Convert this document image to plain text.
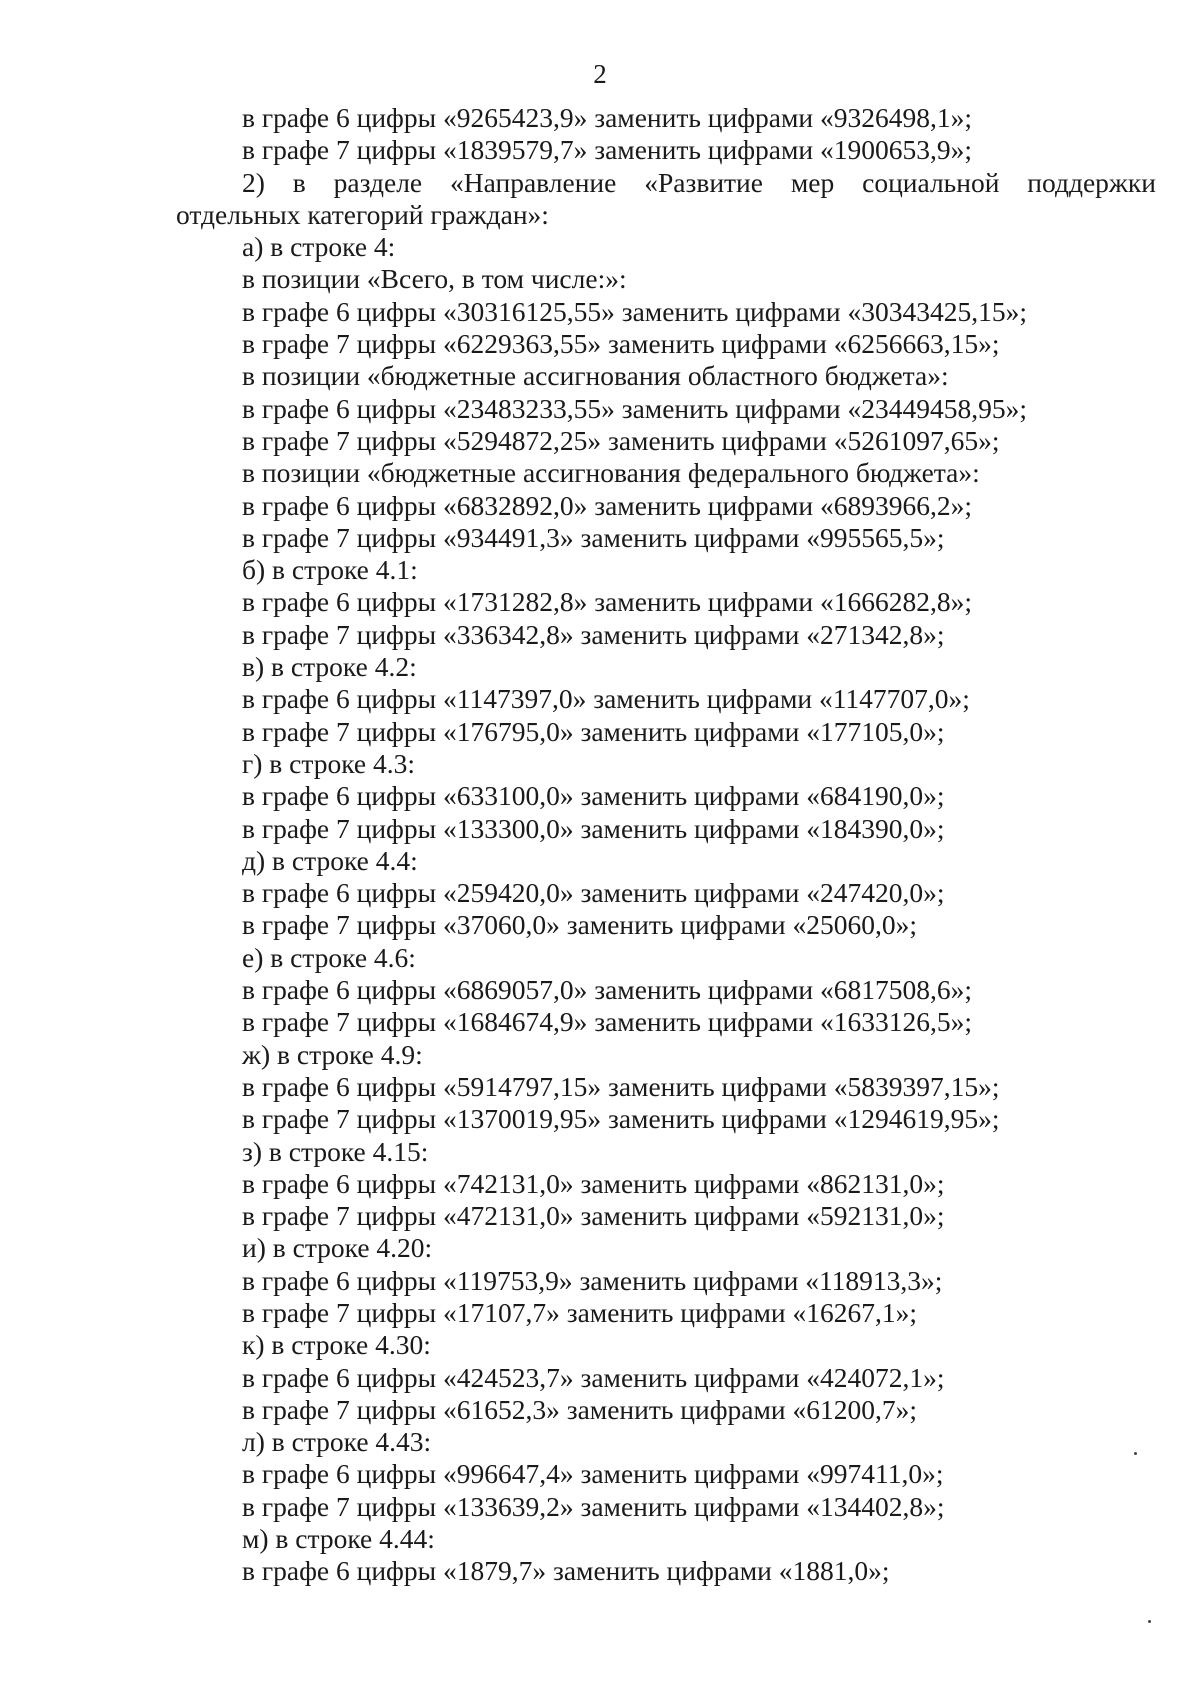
2
в графе 6 цифры «9265423,9» заменить цифрами «9326498,1»;
в графе 7 цифры «1839579,7» заменить цифрами «1900653,9»;
2) в разделе «Направление «Развитие мер социальной поддержки
отдельных категорий граждан»:
а) в строке 4:
в позиции «Всего, в том числе:»:
в графе 6 цифры «30316125,55» заменить цифрами «30343425,15»;
в графе 7 цифры «6229363,55» заменить цифрами «6256663,15»;
в позиции «бюджетные ассигнования областного бюджета»:
в графе 6 цифры «23483233,55» заменить цифрами «23449458,95»;
в графе 7 цифры «5294872,25» заменить цифрами «5261097,65»;
в позиции «бюджетные ассигнования федерального бюджета»:
в графе 6 цифры «6832892,0» заменить цифрами «6893966,2»;
в графе 7 цифры «934491,3» заменить цифрами «995565,5»;
б) в строке 4.1:
в графе 6 цифры «1731282,8» заменить цифрами «1666282,8»;
в графе 7 цифры «336342,8» заменить цифрами «271342,8»;
в) в строке 4.2:
в графе 6 цифры «1147397,0» заменить цифрами «1147707,0»;
в графе 7 цифры «176795,0» заменить цифрами «177105,0»;
г) в строке 4.3:
в графе 6 цифры «633100,0» заменить цифрами «684190,0»;
в графе 7 цифры «133300,0» заменить цифрами «184390,0»;
д) в строке 4.4:
в графе 6 цифры «259420,0» заменить цифрами «247420,0»;
в графе 7 цифры «37060,0» заменить цифрами «25060,0»;
е) в строке 4.6:
в графе 6 цифры «6869057,0» заменить цифрами «6817508,6»;
в графе 7 цифры «1684674,9» заменить цифрами «1633126,5»;
ж) в строке 4.9:
в графе 6 цифры «5914797,15» заменить цифрами «5839397,15»;
в графе 7 цифры «1370019,95» заменить цифрами «1294619,95»;
з) в строке 4.15:
в графе 6 цифры «742131,0» заменить цифрами «862131,0»;
в графе 7 цифры «472131,0» заменить цифрами «592131,0»;
и) в строке 4.20:
в графе 6 цифры «119753,9» заменить цифрами «118913,3»;
в графе 7 цифры «17107,7» заменить цифрами «16267,1»;
к) в строке 4.30:
в графе 6 цифры «424523,7» заменить цифрами «424072,1»;
в графе 7 цифры «61652,3» заменить цифрами «61200,7»;
л) в строке 4.43:
в графе 6 цифры «996647,4» заменить цифрами «997411,0»;
в графе 7 цифры «133639,2» заменить цифрами «134402,8»;
м) в строке 4.44:
в графе 6 цифры «1879,7» заменить цифрами «1881,0»;
